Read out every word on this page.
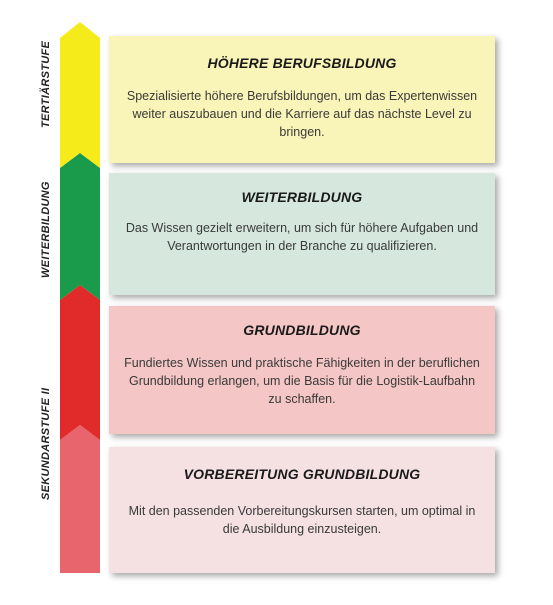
TERTIÄRSTUFE
WEITERBILDUNG
SEKUNDARSTUFE II
HÖHERE BERUFSBILDUNG
Spezialisierte höhere Berufsbildungen, um das Expertenwissen weiter auszubauen und die Karriere auf das nächste Level zu bringen.
WEITERBILDUNG
Das Wissen gezielt erweitern, um sich für höhere Aufgaben und Verantwortungen in der Branche zu qualifizieren.
GRUNDBILDUNG
Fundiertes Wissen und praktische Fähigkeiten in der beruflichen Grundbildung erlangen, um die Basis für die Logistik-Laufbahn zu schaffen.
VORBEREITUNG GRUNDBILDUNG
Mit den passenden Vorbereitungskursen starten, um optimal in die Ausbildung einzusteigen.
